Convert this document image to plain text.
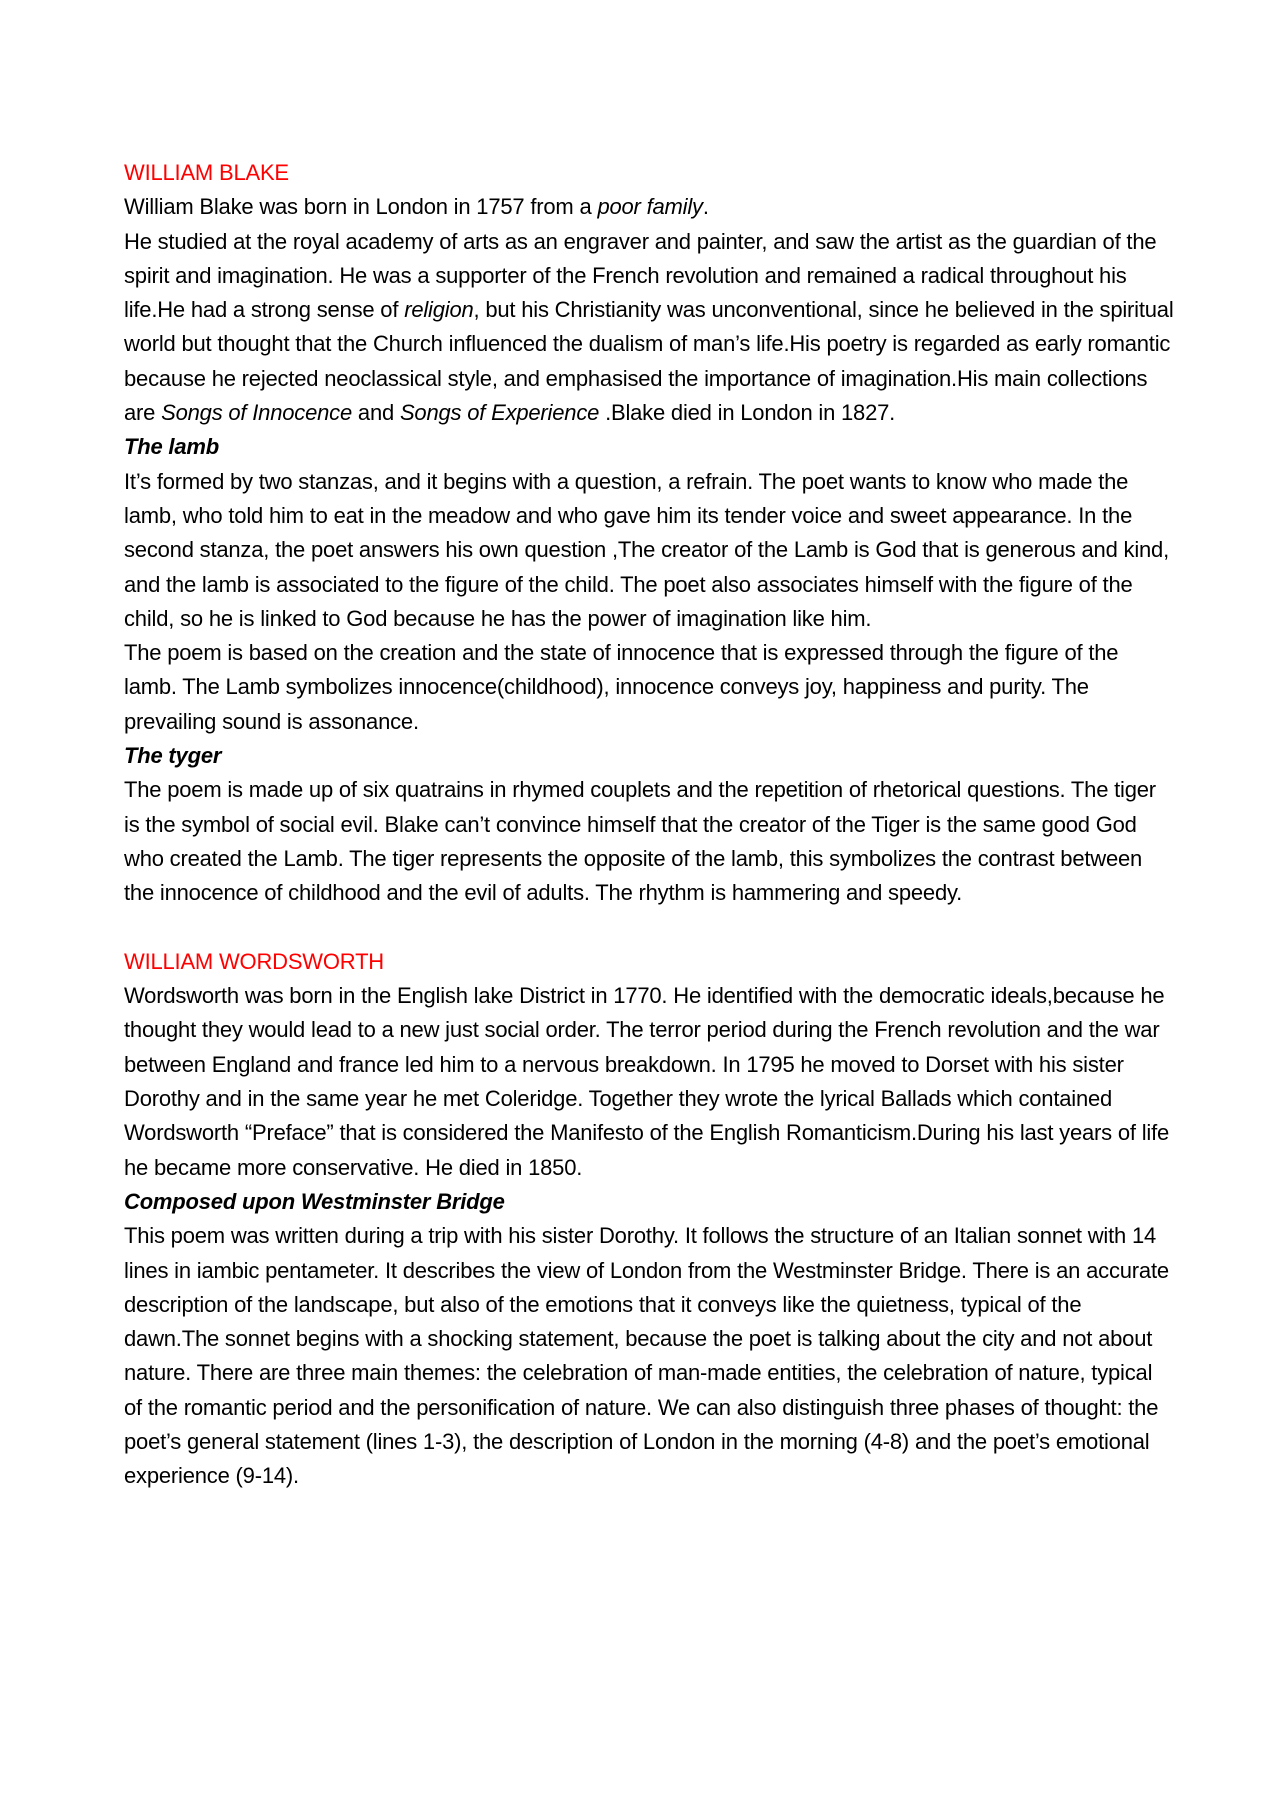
WILLIAM BLAKE

William Blake was born in London in 1757 from a poor family.

He studied at the royal academy of arts as an engraver and painter, and saw the artist as the guardian of the spirit and imagination. He was a supporter of the French revolution and remained a radical throughout his life.He had a strong sense of religion, but his Christianity was unconventional, since he believed in the spiritual world but thought that the Church influenced the dualism of man’s life.His poetry is regarded as early romantic because he rejected neoclassical style, and emphasised the importance of imagination.His main collections are Songs of Innocence and Songs of Experience .Blake died in London in 1827.

The lamb

It’s formed by two stanzas, and it begins with a question, a refrain. The poet wants to know who made the lamb, who told him to eat in the meadow and who gave him its tender voice and sweet appearance. In the second stanza, the poet answers his own question ,The creator of the Lamb is God that is generous and kind, and the lamb is associated to the figure of the child. The poet also associates himself with the figure of the child, so he is linked to God because he has the power of imagination like him.

The poem is based on the creation and the state of innocence that is expressed through the figure of the lamb. The Lamb symbolizes innocence(childhood), innocence conveys joy, happiness and purity. The prevailing sound is assonance.

The tyger

The poem is made up of six quatrains in rhymed couplets and the repetition of rhetorical questions. The tiger is the symbol of social evil. Blake can’t convince himself that the creator of the Tiger is the same good God who created the Lamb. The tiger represents the opposite of the lamb, this symbolizes the contrast between the innocence of childhood and the evil of adults. The rhythm is hammering and speedy.

WILLIAM WORDSWORTH

Wordsworth was born in the English lake District in 1770. He identified with the democratic ideals,because he thought they would lead to a new just social order. The terror period during the French revolution and the war between England and france led him to a nervous breakdown. In 1795 he moved to Dorset with his sister Dorothy and in the same year he met Coleridge. Together they wrote the lyrical Ballads which contained Wordsworth “Preface” that is considered the Manifesto of the English Romanticism.During his last years of life he became more conservative. He died in 1850.

Composed upon Westminster Bridge

This poem was written during a trip with his sister Dorothy. It follows the structure of an Italian sonnet with 14 lines in iambic pentameter. It describes the view of London from the Westminster Bridge. There is an accurate description of the landscape, but also of the emotions that it conveys like the quietness, typical of the dawn.The sonnet begins with a shocking statement, because the poet is talking about the city and not about nature. There are three main themes: the celebration of man-made entities, the celebration of nature, typical of the romantic period and the personification of nature. We can also distinguish three phases of thought: the poet’s general statement (lines 1-3), the description of London in the morning (4-8) and the poet’s emotional experience (9-14).
